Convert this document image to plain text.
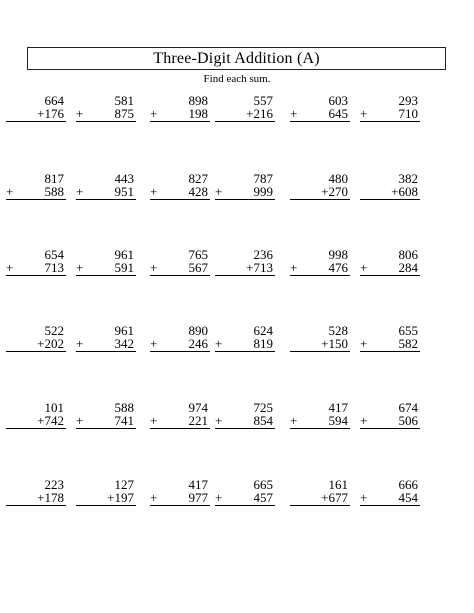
Three-Digit Addition (A)
Find each sum.
664
+ 176
581
+ 875
898
+ 198
557
+ 216
603
+ 645
293
+ 710
817
+ 588
443
+ 951
827
+ 428
787
+ 999
480
+ 270
382
+ 608
654
+ 713
961
+ 591
765
+ 567
236
+ 713
998
+ 476
806
+ 284
522
+ 202
961
+ 342
890
+ 246
624
+ 819
528
+ 150
655
+ 582
101
+ 742
588
+ 741
974
+ 221
725
+ 854
417
+ 594
674
+ 506
223
+ 178
127
+ 197
417
+ 977
665
+ 457
161
+ 677
666
+ 454
